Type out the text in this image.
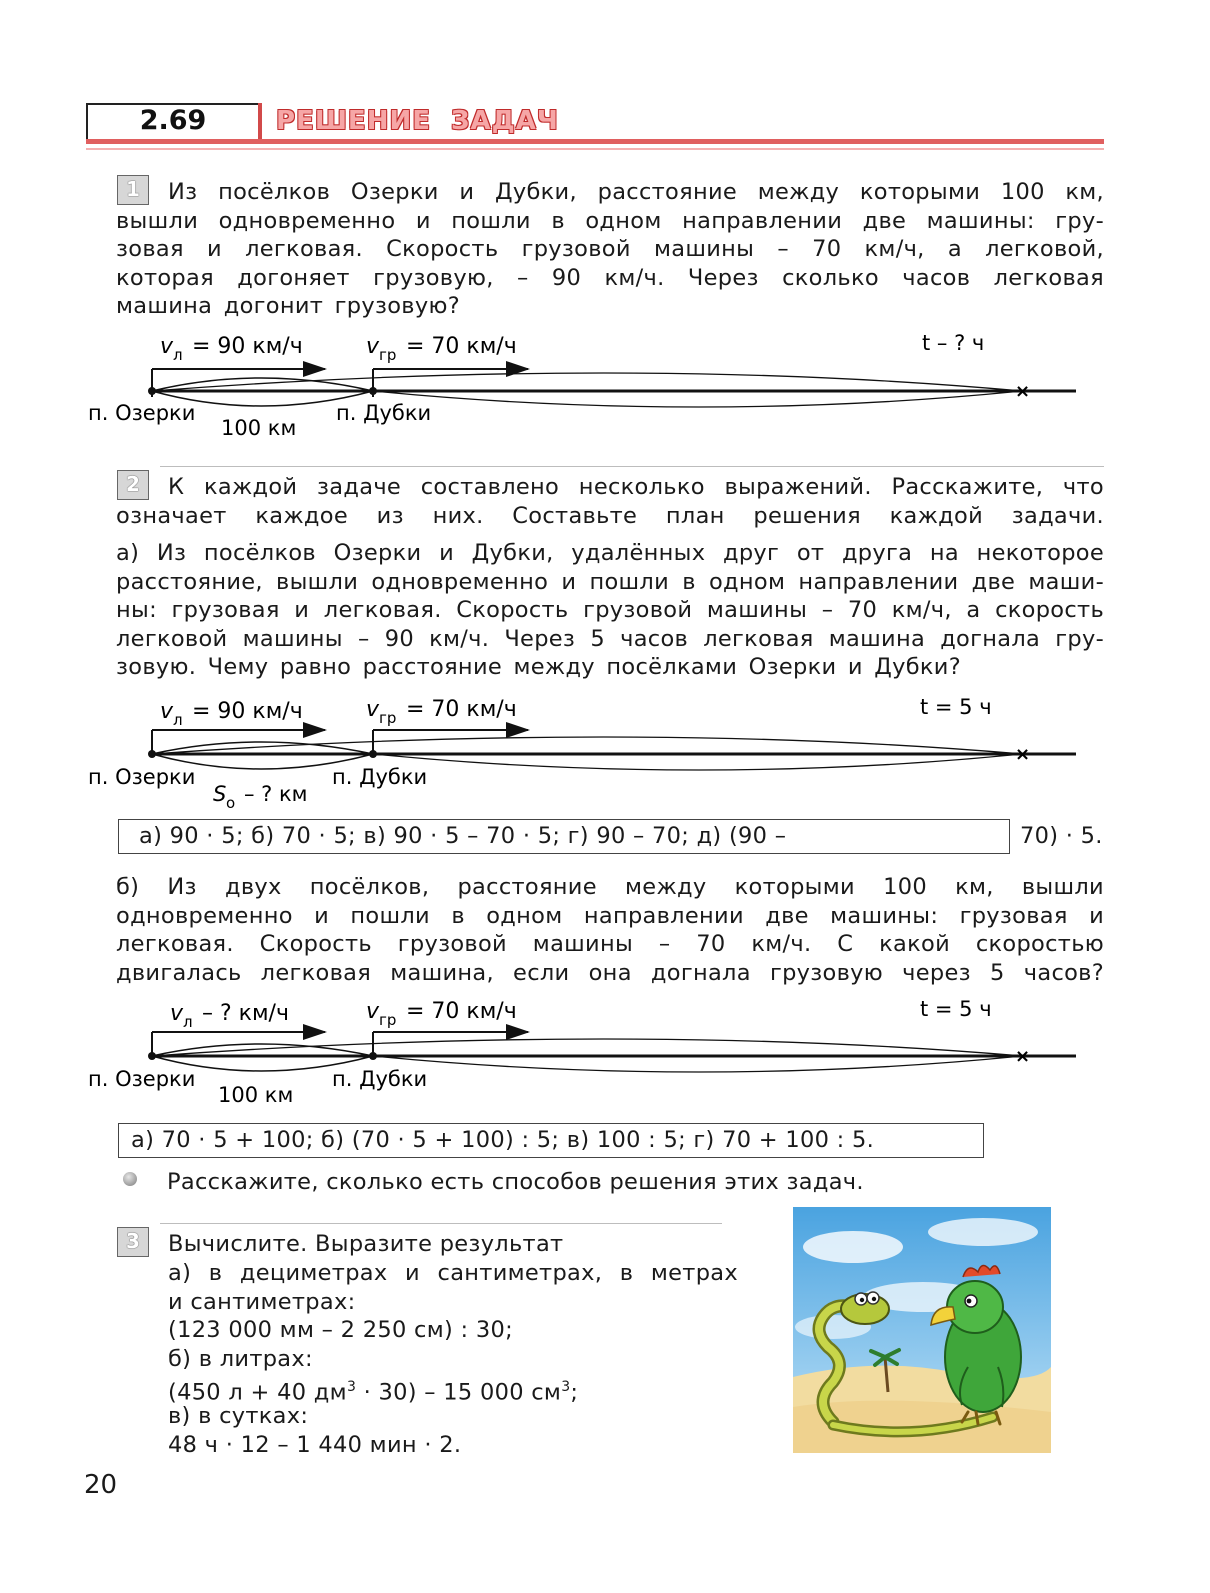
2.69	РЕШЕНИЕ ЗАДАЧ
1	Из посёлков Озерки и Дубки, расстояние между которыми 100 км,
вышли одновременно и пошли в одном направлении две машины: гру-
зовая и легковая. Скорость грузовой машины – 70 км/ч, а легковой,
которая догоняет грузовую, – 90 км/ч. Через сколько часов легковая
машина догонит грузовую?
v л = 90 км/ч	v гр = 70 км/ч	t – ? ч
×
п. Озерки	п. Дубки
100 км
2	К каждой задаче составлено несколько выражений. Расскажите, что
означает каждое из них. Составьте план решения каждой задачи.
а) Из посёлков Озерки и Дубки, удалённых друг от друга на некоторое
расстояние, вышли одновременно и пошли в одном направлении две маши-
ны: грузовая и легковая. Скорость грузовой машины – 70 км/ч, а скорость
легковой машины – 90 км/ч. Через 5 часов легковая машина догнала гру-
зовую. Чему равно расстояние между посёлками Озерки и Дубки?
v л = 90 км/ч	v гр = 70 км/ч	t = 5 ч
×
п. Озерки	п. Дубки
S о – ? км
а) 90 · 5; б) 70 · 5; в) 90 · 5 – 70 · 5; г) 90 – 70; д) (90 –	70) · 5.
б) Из двух посёлков, расстояние между которыми 100 км, вышли
одновременно и пошли в одном направлении две машины: грузовая и
легковая. Скорость грузовой машины – 70 км/ч. С какой скоростью
двигалась легковая машина, если она догнала грузовую через 5 часов?
v л – ? км/ч	v гр = 70 км/ч	t = 5 ч
×
п. Озерки	п. Дубки
100 км
а) 70 · 5 + 100; б) (70 · 5 + 100) : 5; в) 100 : 5; г) 70 + 100 : 5.
Расскажите, сколько есть способов решения этих задач.
3	Вычислите. Выразите результат
а) в дециметрах и сантиметрах, в метрах
и сантиметрах:
(123 000 мм – 2 250 см) : 30;
б) в литрах:
(450 л + 40 $дм^3 \cdot 30) - 15$ 000 $см^3$;
в) в сутках:
48 ч · 12 – 1 440 мин · 2.
20
